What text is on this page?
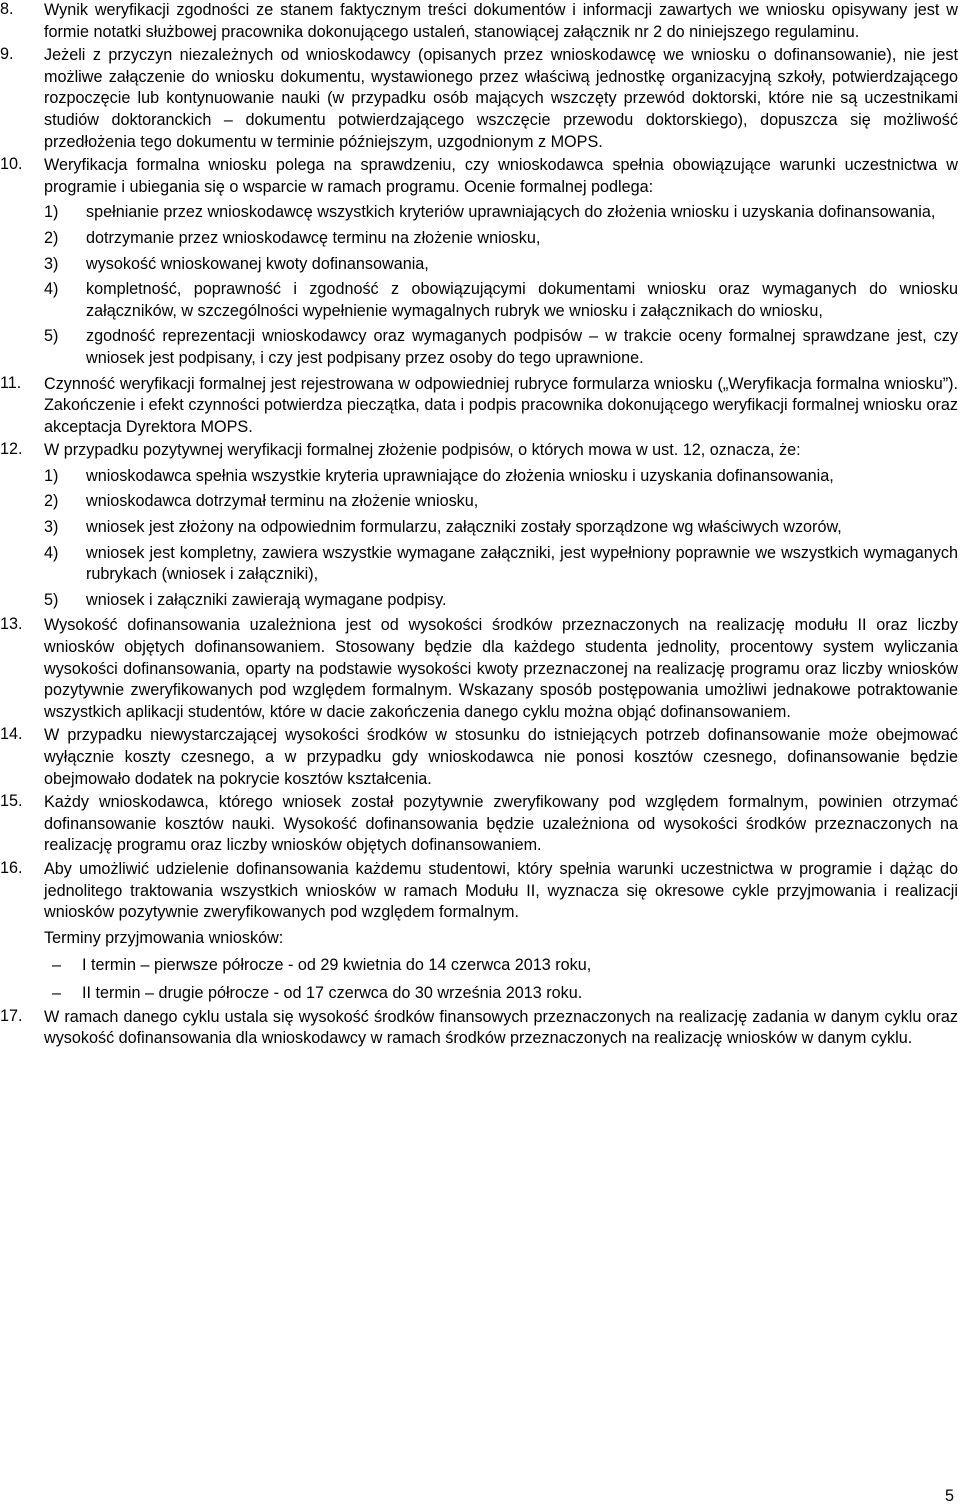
8.	Wynik weryfikacji zgodności ze stanem faktycznym treści dokumentów i informacji zawartych we wniosku opisywany jest w formie notatki służbowej pracownika dokonującego ustaleń, stanowiącej załącznik nr 2 do niniejszego regulaminu.
9.	Jeżeli z przyczyn niezależnych od wnioskodawcy (opisanych przez wnioskodawcę we wniosku o dofinansowanie), nie jest możliwe załączenie do wniosku dokumentu, wystawionego przez właściwą jednostkę organizacyjną szkoły, potwierdzającego rozpoczęcie lub kontynuowanie nauki (w przypadku osób mających wszczęty przewód doktorski, które nie są uczestnikami studiów doktoranckich – dokumentu potwierdzającego wszczęcie przewodu doktorskiego), dopuszcza się możliwość przedłożenia tego dokumentu w terminie późniejszym, uzgodnionym z MOPS.
10.	Weryfikacja formalna wniosku polega na sprawdzeniu, czy wnioskodawca spełnia obowiązujące warunki uczestnictwa w programie i ubiegania się o wsparcie w ramach programu. Ocenie formalnej podlega:
1)	spełnianie przez wnioskodawcę wszystkich kryteriów uprawniających do złożenia wniosku i uzyskania dofinansowania,
2)	dotrzymanie przez wnioskodawcę terminu na złożenie wniosku,
3)	wysokość wnioskowanej kwoty dofinansowania,
4)	kompletność, poprawność i zgodność z obowiązującymi dokumentami wniosku oraz wymaganych do wniosku załączników, w szczególności wypełnienie wymagalnych rubryk we wniosku i załącznikach do wniosku,
5)	zgodność reprezentacji wnioskodawcy oraz wymaganych podpisów – w trakcie oceny formalnej sprawdzane jest, czy wniosek jest podpisany, i czy jest podpisany przez osoby do tego uprawnione.
11.	Czynność weryfikacji formalnej jest rejestrowana w odpowiedniej rubryce formularza wniosku („Weryfikacja formalna wniosku”). Zakończenie i efekt czynności potwierdza pieczątka, data i podpis pracownika dokonującego weryfikacji formalnej wniosku oraz akceptacja Dyrektora MOPS.
12.	W przypadku pozytywnej weryfikacji formalnej złożenie podpisów, o których mowa w ust. 12, oznacza, że:
1)	wnioskodawca spełnia wszystkie kryteria uprawniające do złożenia wniosku i uzyskania dofinansowania,
2)	wnioskodawca dotrzymał terminu na złożenie wniosku,
3)	wniosek jest złożony na odpowiednim formularzu, załączniki zostały sporządzone wg właściwych wzorów,
4)	wniosek jest kompletny, zawiera wszystkie wymagane załączniki, jest wypełniony poprawnie we wszystkich wymaganych rubrykach (wniosek i załączniki),
5)	wniosek i załączniki zawierają wymagane podpisy.
13.	Wysokość dofinansowania uzależniona jest od wysokości środków przeznaczonych na realizację modułu II oraz liczby wniosków objętych dofinansowaniem. Stosowany będzie dla każdego studenta jednolity, procentowy system wyliczania wysokości dofinansowania, oparty na podstawie wysokości kwoty przeznaczonej na realizację programu oraz liczby wniosków pozytywnie zweryfikowanych pod względem formalnym. Wskazany sposób postępowania umożliwi jednakowe potraktowanie wszystkich aplikacji studentów, które w dacie zakończenia danego cyklu można objąć dofinansowaniem.
14.	W przypadku niewystarczającej wysokości środków w stosunku do istniejących potrzeb dofinansowanie może obejmować wyłącznie koszty czesnego, a w przypadku gdy wnioskodawca nie ponosi kosztów czesnego, dofinansowanie będzie obejmowało dodatek na pokrycie kosztów kształcenia.
15.	Każdy wnioskodawca, którego wniosek został pozytywnie zweryfikowany pod względem formalnym, powinien otrzymać dofinansowanie kosztów nauki. Wysokość dofinansowania będzie uzależniona od wysokości środków przeznaczonych na realizację programu oraz liczby wniosków objętych dofinansowaniem.
16.	Aby umożliwić udzielenie dofinansowania każdemu studentowi, który spełnia warunki uczestnictwa w programie i dążąc do jednolitego traktowania wszystkich wniosków w ramach Modułu II, wyznacza się okresowe cykle przyjmowania i realizacji wniosków pozytywnie zweryfikowanych pod względem formalnym.
Terminy przyjmowania wniosków:
–	I termin – pierwsze półrocze - od 29 kwietnia do 14 czerwca 2013 roku,
–	II termin – drugie półrocze - od 17 czerwca do 30 września 2013 roku.
17.	W ramach danego cyklu ustala się wysokość środków finansowych przeznaczonych na realizację zadania w danym cyklu oraz wysokość dofinansowania dla wnioskodawcy w ramach środków przeznaczonych na realizację wniosków w danym cyklu.
5
